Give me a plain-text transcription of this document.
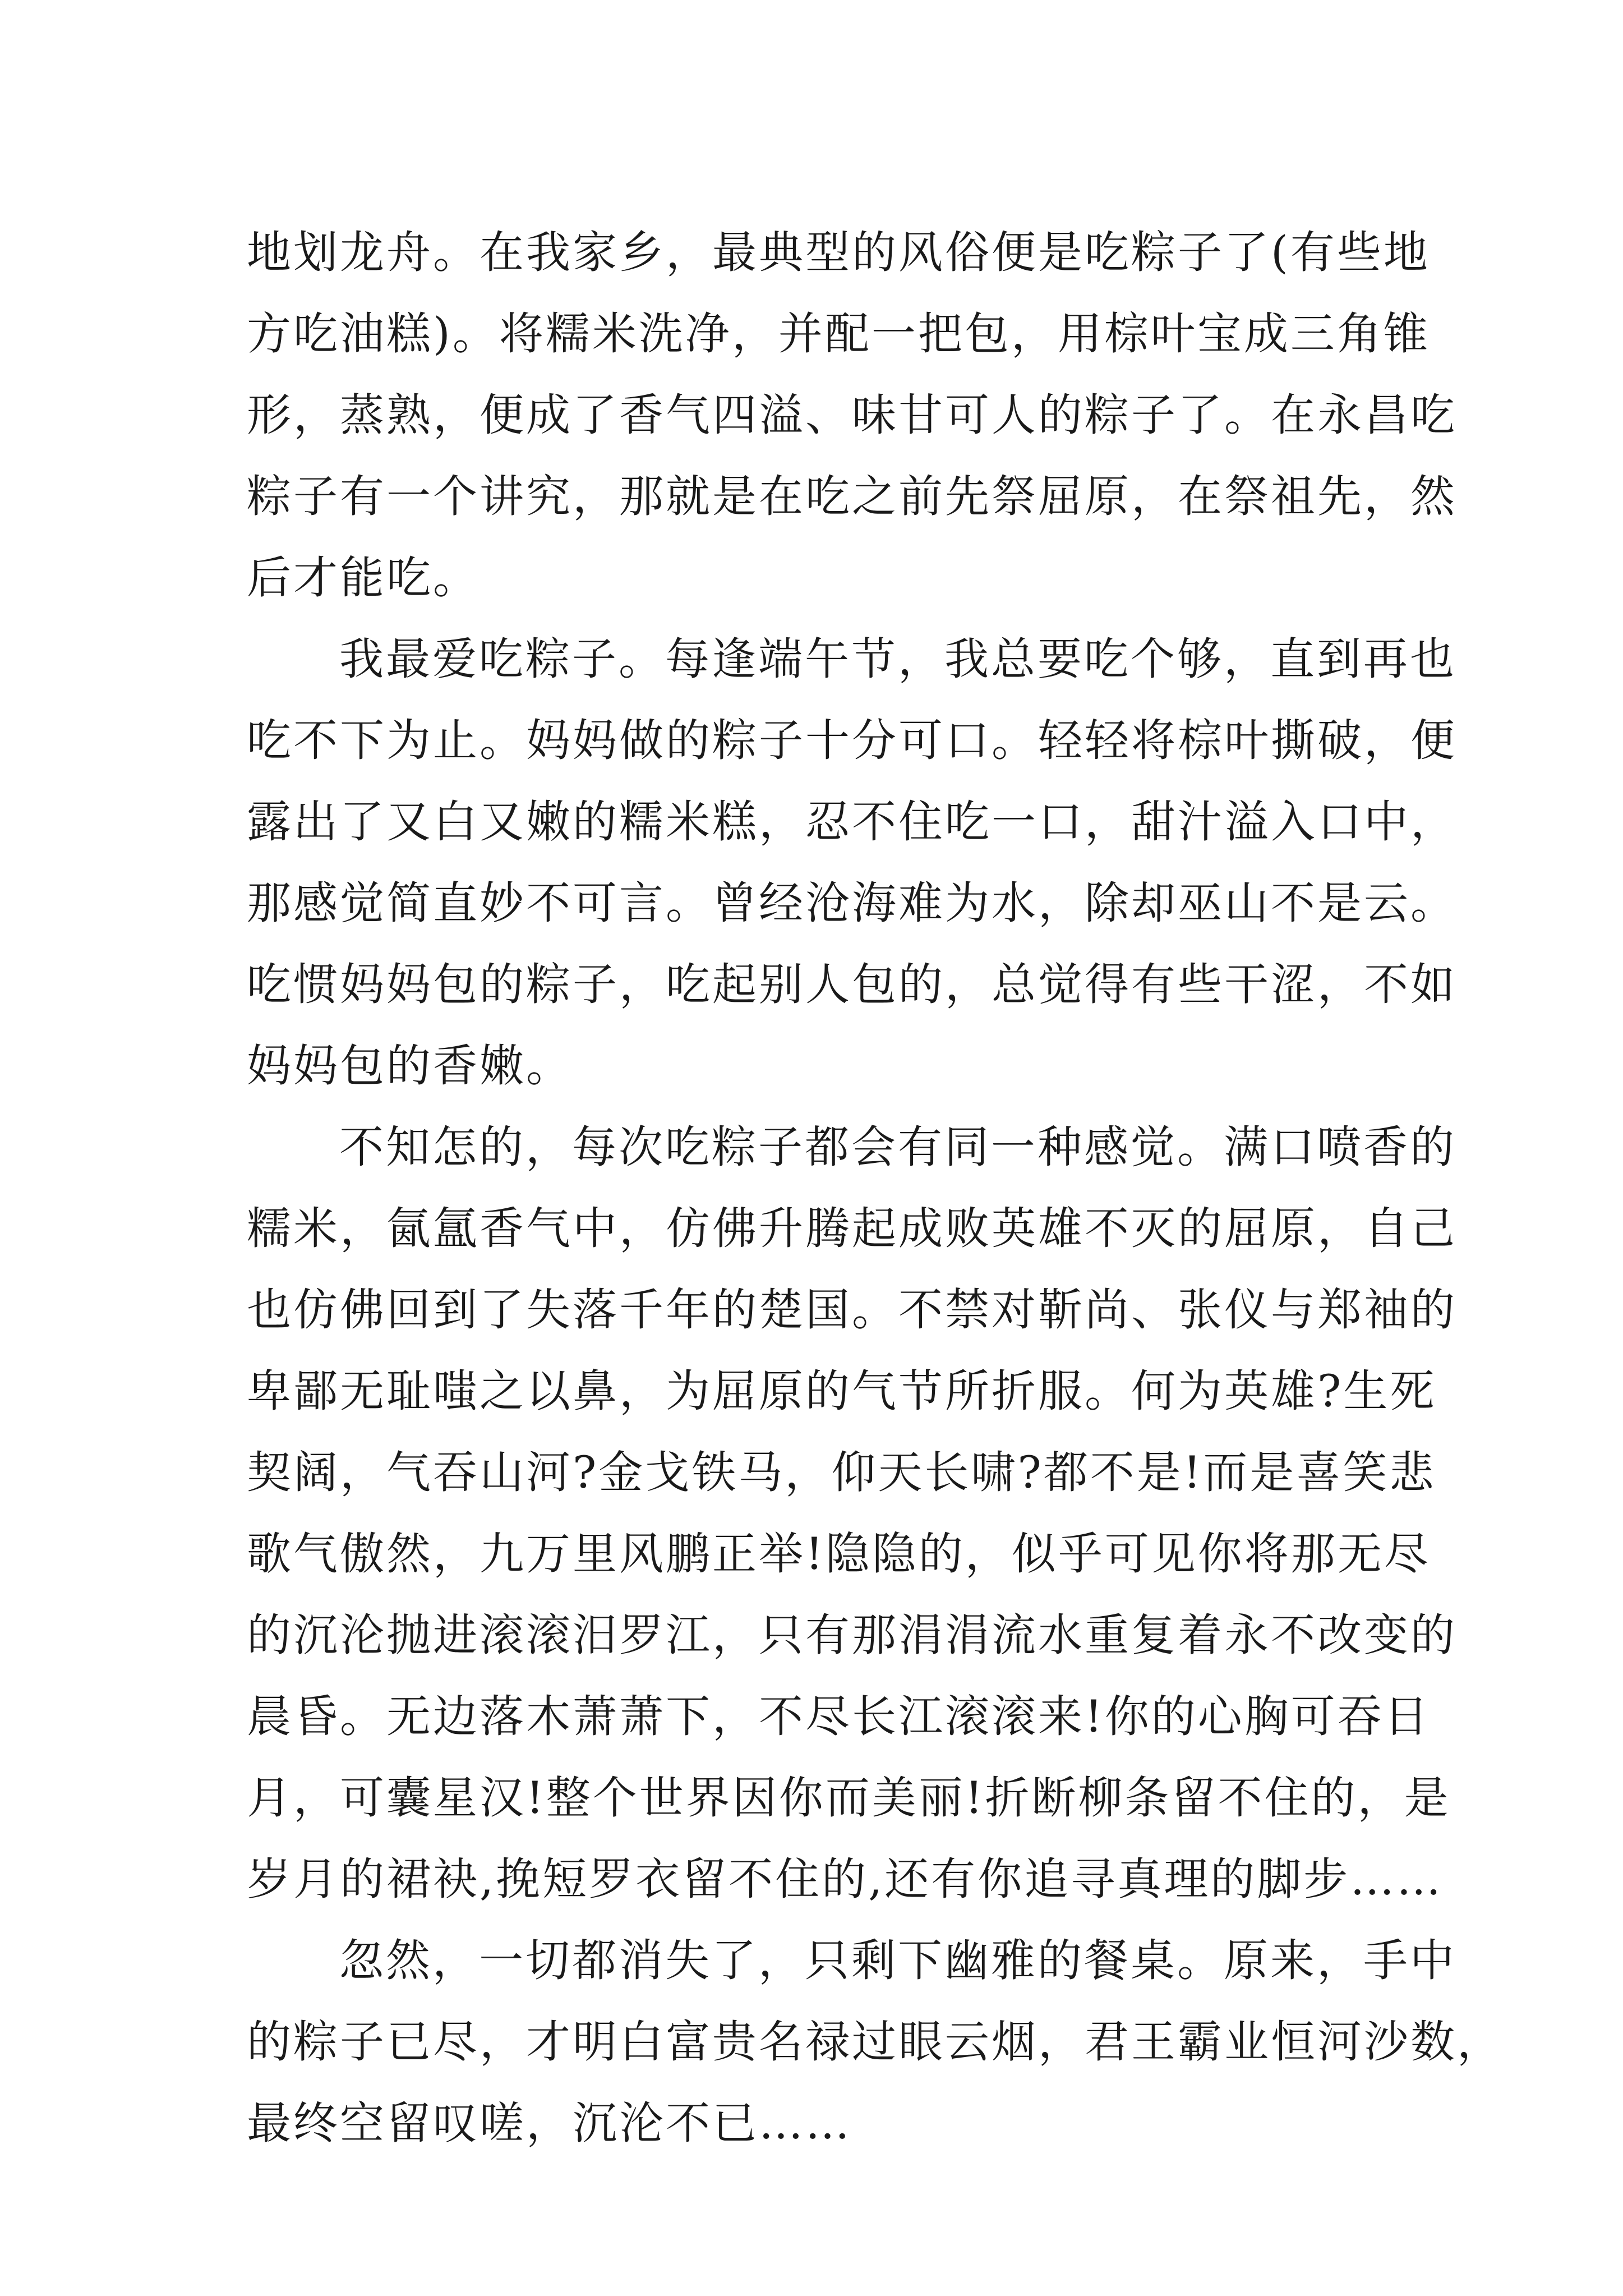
地划龙舟。在我家乡，最典型的风俗便是吃粽子了(有些地
方吃油糕)。将糯米洗净，并配一把包，用棕叶宝成三角锥
形，蒸熟，便成了香气四溢、味甘可人的粽子了。在永昌吃
粽子有一个讲究，那就是在吃之前先祭屈原，在祭祖先，然
后才能吃。
我最爱吃粽子。每逢端午节，我总要吃个够，直到再也
吃不下为止。妈妈做的粽子十分可口。轻轻将棕叶撕破，便
露出了又白又嫩的糯米糕，忍不住吃一口，甜汁溢入口中，
那感觉简直妙不可言。曾经沧海难为水，除却巫山不是云。
吃惯妈妈包的粽子，吃起别人包的，总觉得有些干涩，不如
妈妈包的香嫩。
不知怎的，每次吃粽子都会有同一种感觉。满口喷香的
糯米，氤氲香气中，仿佛升腾起成败英雄不灭的屈原，自己
也仿佛回到了失落千年的楚国。不禁对靳尚、张仪与郑袖的
卑鄙无耻嗤之以鼻，为屈原的气节所折服。何为英雄?生死
契阔，气吞山河?金戈铁马，仰天长啸?都不是!而是喜笑悲
歌气傲然，九万里风鹏正举!隐隐的，似乎可见你将那无尽
的沉沦抛进滚滚汨罗江，只有那涓涓流水重复着永不改变的
晨昏。无边落木萧萧下，不尽长江滚滚来!你的心胸可吞日
月，可囊星汉!整个世界因你而美丽!折断柳条留不住的，是
岁月的裙袂,挽短罗衣留不住的,还有你追寻真理的脚步……
忽然，一切都消失了，只剩下幽雅的餐桌。原来，手中
的粽子已尽，才明白富贵名禄过眼云烟，君王霸业恒河沙数，
最终空留叹嗟，沉沦不已……
